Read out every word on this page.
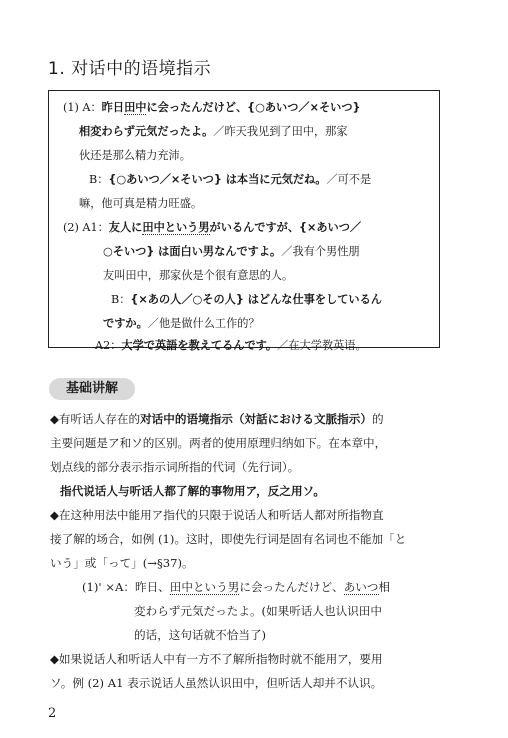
1. 对话中的语境指示
(1) A：昨日田中に会ったんだけど、{○あいつ／×そいつ}
相変わらず元気だったよ。／昨天我见到了田中，那家
伙还是那么精力充沛。
B：{○あいつ／×そいつ} は本当に元気だね。／可不是
嘛，他可真是精力旺盛。
(2) A1：友人に田中という男がいるんですが、{×あいつ／
○そいつ} は面白い男なんですよ。／我有个男性朋
友叫田中，那家伙是个很有意思的人。
B：{×あの人／○その人} はどんな仕事をしているん
ですか。／他是做什么工作的？
A2：大学で英語を教えてるんです。／在大学教英语。
基础讲解
◆有听话人存在的对话中的语境指示（対話における文脈指示）的
主要问题是ア和ソ的区别。两者的使用原理归纳如下。在本章中，
划点线的部分表示指示词所指的代词（先行词）。
指代说话人与听话人都了解的事物用ア，反之用ソ。
◆在这种用法中能用ア指代的只限于说话人和听话人都对所指物直
接了解的场合，如例 (1)。这时，即使先行词是固有名词也不能加「と
いう」或「って」(→§37)。
(1)' ×A：昨日、田中という男に会ったんだけど、あいつ相
変わらず元気だったよ。(如果听话人也认识田中
的话，这句话就不恰当了)
◆如果说话人和听话人中有一方不了解所指物时就不能用ア，要用
ソ。例 (2) A1 表示说话人虽然认识田中，但听话人却并不认识。
2
